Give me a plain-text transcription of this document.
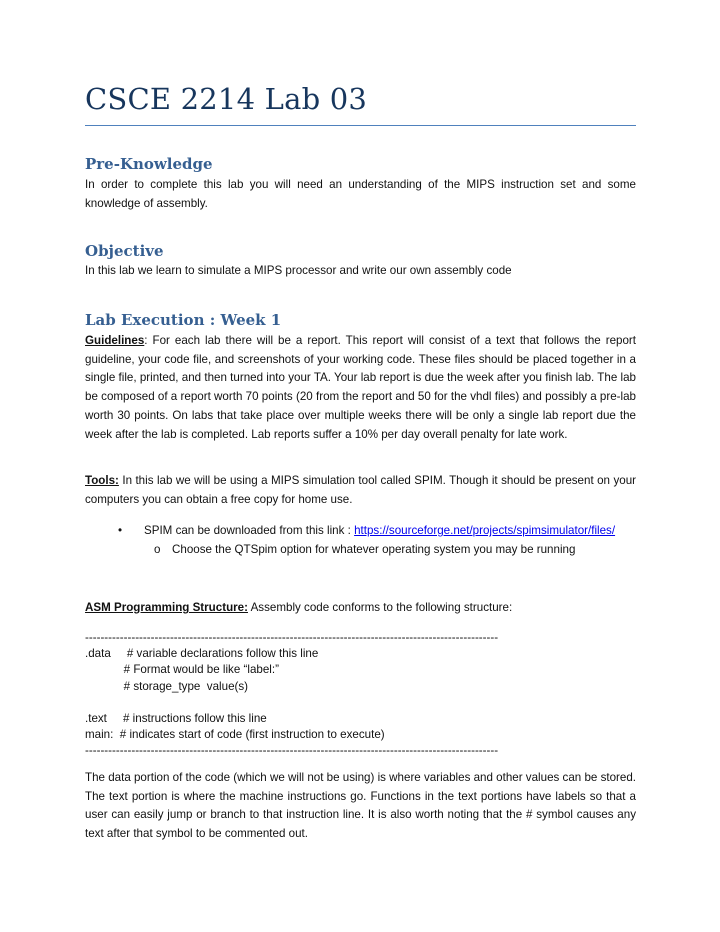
CSCE 2214 Lab 03
Pre-Knowledge
In order to complete this lab you will need an understanding of the MIPS instruction set and some knowledge of assembly.
Objective
In this lab we learn to simulate a MIPS processor and write our own assembly code
Lab Execution : Week 1
Guidelines: For each lab there will be a report. This report will consist of a text that follows the report guideline, your code file, and screenshots of your working code. These files should be placed together in a single file, printed, and then turned into your TA. Your lab report is due the week after you finish lab. The lab be composed of a report worth 70 points (20 from the report and 50 for the vhdl files) and possibly a pre-lab worth 30 points. On labs that take place over multiple weeks there will be only a single lab report due the week after the lab is completed. Lab reports suffer a 10% per day overall penalty for late work.
Tools: In this lab we will be using a MIPS simulation tool called SPIM. Though it should be present on your computers you can obtain a free copy for home use.
• SPIM can be downloaded from this link : https://sourceforge.net/projects/spimsimulator/files/
o Choose the QTSpim option for whatever operating system you may be running
ASM Programming Structure: Assembly code conforms to the following structure:
-----------------------------------------------------------------------------------------------------------
.data     # variable declarations follow this line
# Format would be like “label:”
# storage_type  value(s)

.text     # instructions follow this line
main:  # indicates start of code (first instruction to execute)
-----------------------------------------------------------------------------------------------------------
The data portion of the code (which we will not be using) is where variables and other values can be stored. The text portion is where the machine instructions go. Functions in the text portions have labels so that a user can easily jump or branch to that instruction line. It is also worth noting that the # symbol causes any text after that symbol to be commented out.
